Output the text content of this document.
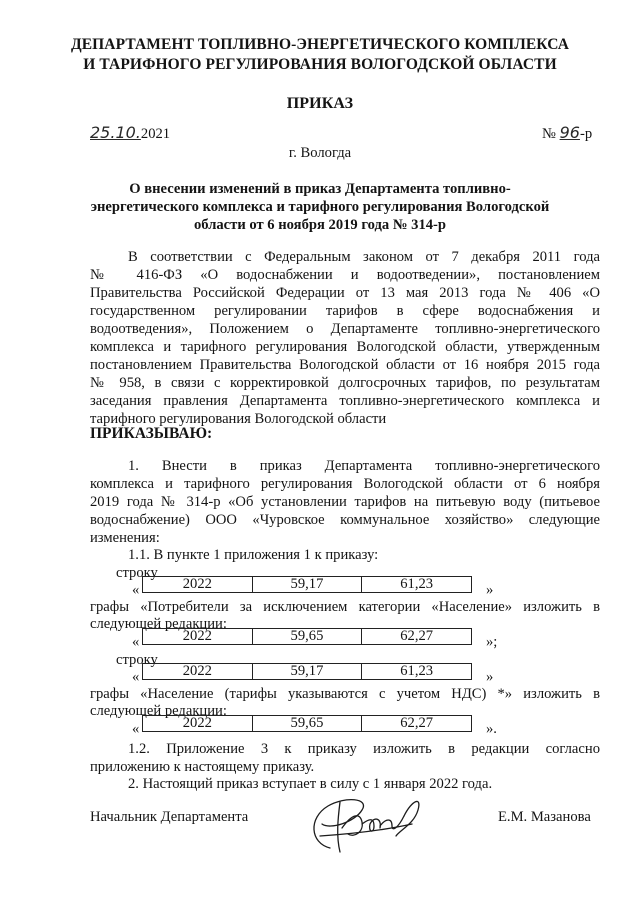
ДЕПАРТАМЕНТ ТОПЛИВНО-ЭНЕРГЕТИЧЕСКОГО КОМПЛЕКСА

И ТАРИФНОГО РЕГУЛИРОВАНИЯ ВОЛОГОДСКОЙ ОБЛАСТИ

ПРИКАЗ

25.10.2021	№ 96-р

г. Вологда

О внесении изменений в приказ Департамента топливно-

энергетического комплекса и тарифного регулирования Вологодской

области от 6 ноября 2019 года № 314-р

В соответствии с Федеральным законом от 7 декабря 2011 года
№ 416-ФЗ «О водоснабжении и водоотведении», постановлением
Правительства Российской Федерации от 13 мая 2013 года № 406 «О
государственном регулировании тарифов в сфере водоснабжения и
водоотведения», Положением о Департаменте топливно-энергетического
комплекса и тарифного регулирования Вологодской области, утвержденным
постановлением Правительства Вологодской области от 16 ноября 2015 года
№ 958, в связи с корректировкой долгосрочных тарифов, по результатам
заседания правления Департамента топливно-энергетического комплекса и
тарифного регулирования Вологодской области

ПРИКАЗЫВАЮ:

1. Внести в приказ Департамента топливно-энергетического
комплекса и тарифного регулирования Вологодской области от 6 ноября
2019 года № 314-р «Об установлении тарифов на питьевую воду (питьевое
водоснабжение) ООО «Чуровское коммунальное хозяйство» следующие
изменения:
1.1. В пункте 1 приложения 1 к приказу:
строку
«	2022	59,17	61,23	»
графы «Потребители за исключением категории «Население» изложить в
следующей редакции:
«	2022	59,65	62,27	»;
строку
«	2022	59,17	61,23	»
графы «Население (тарифы указываются с учетом НДС) *» изложить в
следующей редакции:
«	2022	59,65	62,27	».
1.2. Приложение 3 к приказу изложить в редакции согласно
приложению к настоящему приказу.
2. Настоящий приказ вступает в силу с 1 января 2022 года.
Начальник Департамента	Е.М. Мазанова
